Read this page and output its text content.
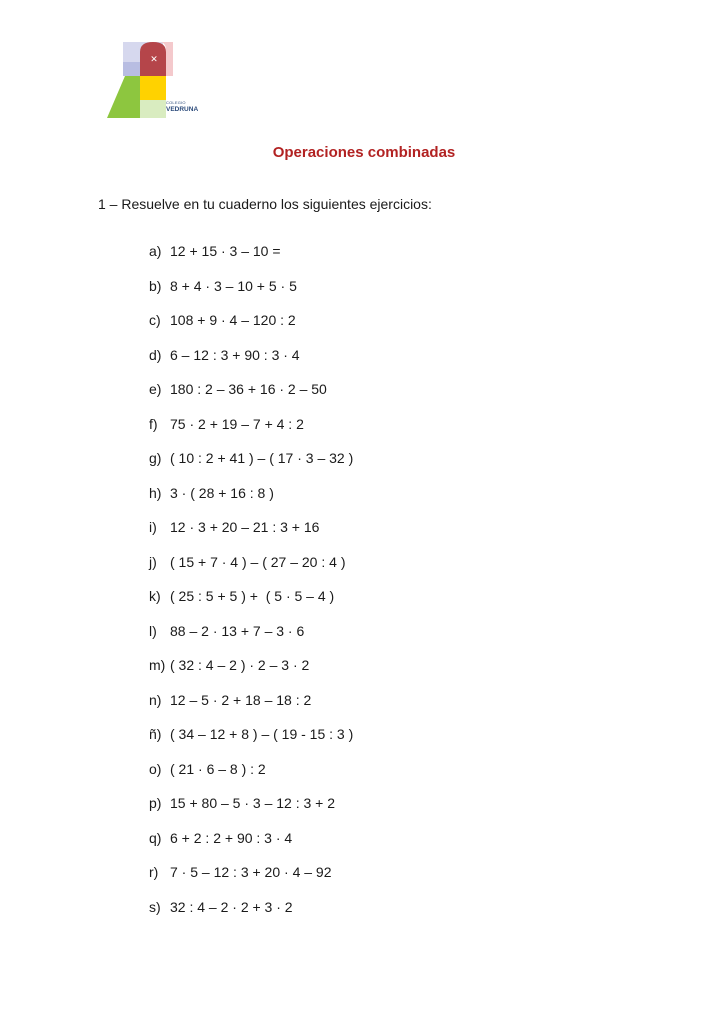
✕
COLEGIO
VEDRUNA
Operaciones combinadas
1 – Resuelve en tu cuaderno los siguientes ejercicios:
a) 12 + 15 · 3 – 10 =
b) 8 + 4 · 3 – 10 + 5 · 5
c) 108 + 9 · 4 – 120 : 2
d) 6 – 12 : 3 + 90 : 3 · 4
e) 180 : 2 – 36 + 16 · 2 – 50
f) 75 · 2 + 19 – 7 + 4 : 2
g) ( 10 : 2 + 41 ) – ( 17 · 3 – 32 )
h) 3 · ( 28 + 16 : 8 )
i) 12 · 3 + 20 – 21 : 3 + 16
j) ( 15 + 7 · 4 ) – ( 27 – 20 : 4 )
k) ( 25 : 5 + 5 ) +  ( 5 · 5 – 4 )
l) 88 – 2 · 13 + 7 – 3 · 6
m) ( 32 : 4 – 2 ) · 2 – 3 · 2
n) 12 – 5 · 2 + 18 – 18 : 2
ñ) ( 34 – 12 + 8 ) – ( 19 - 15 : 3 )
o) ( 21 · 6 – 8 ) : 2
p) 15 + 80 – 5 · 3 – 12 : 3 + 2
q) 6 + 2 : 2 + 90 : 3 · 4
r) 7 · 5 – 12 : 3 + 20 · 4 – 92
s) 32 : 4 – 2 · 2 + 3 · 2
